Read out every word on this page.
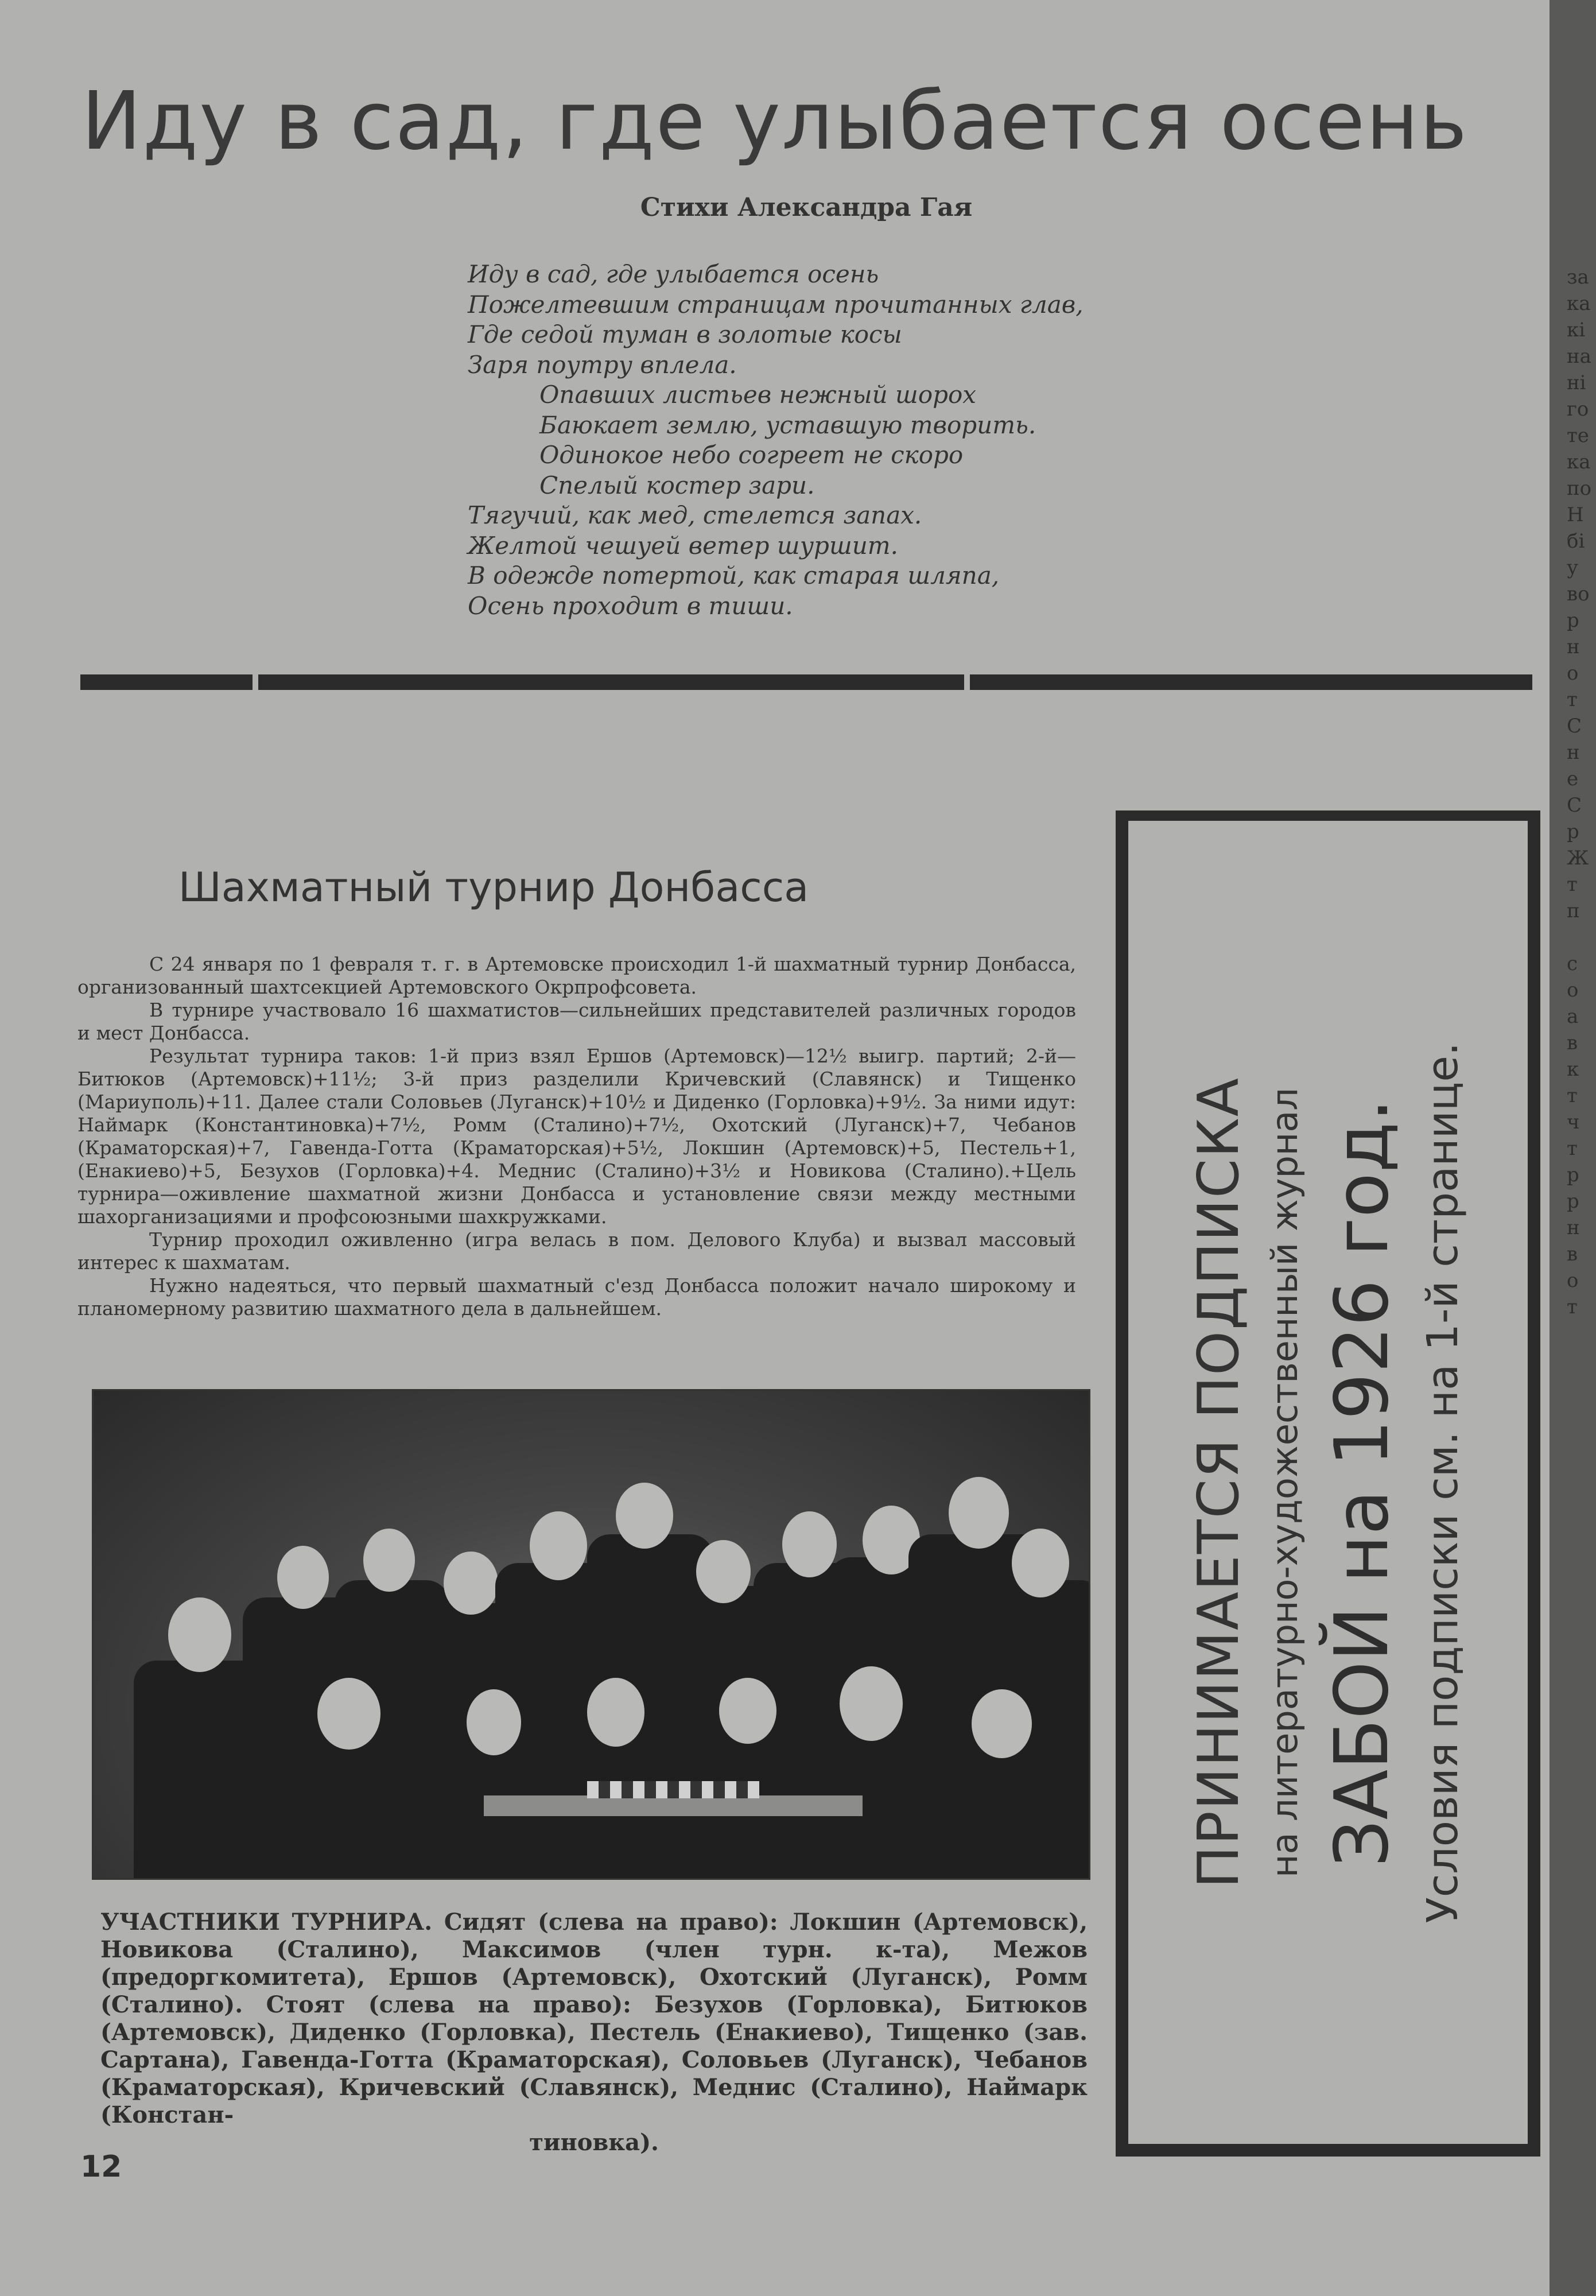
Иду в сад, где улыбается осень
Стихи Александра Гая
Иду в сад, где улыбается осень
Пожелтевшим страницам прочитанных глав,
Где седой туман в золотые косы
Заря поутру вплела.
Опавших листьев нежный шорох
Баюкает землю, уставшую творить.
Одинокое небо согреет не скоро
Спелый костер зари.
Тягучий, как мед, стелется запах.
Желтой чешуей ветер шуршит.
В одежде потертой, как старая шляпа,
Осень проходит в тиши.
Шахматный турнир Донбасса

С 24 января по 1 февраля т. г. в Артемовске происходил 1-й шахматный турнир Донбасса, организованный шахтсекцией Артемовского Окрпрофсовета.

В турнире участвовало 16 шахматистов—сильнейших представителей различных городов и мест Донбасса.

Результат турнира таков: 1-й приз взял Ершов (Артемовск)—12½ выигр. партий; 2-й—Битюков (Артемовск)+11½; 3-й приз разделили Кричевский (Славянск) и Тищенко (Мариуполь)+11. Далее стали Соловьев (Луганск)+10½ и Диденко (Горловка)+9½. За ними идут: Наймарк (Константиновка)+7½, Ромм (Сталино)+7½, Охотский (Луганск)+7, Чебанов (Краматорская)+7, Гавенда-Готта (Краматорская)+5½, Локшин (Артемовск)+5, Пестель+1, (Енакиево)+5, Безухов (Горловка)+4. Меднис (Сталино)+3½ и Новикова (Сталино).+Цель турнира—оживление шахматной жизни Донбасса и установление связи между местными шахорганизациями и профсоюзными шахкружками.

Турнир проходил оживленно (игра велась в пом. Делового Клуба) и вызвал массовый интерес к шахматам.

Нужно надеяться, что первый шахматный с'езд Донбасса положит начало широкому и планомерному развитию шахматного дела в дальнейшем.

УЧАСТНИКИ ТУРНИРА. Сидят (слева на право): Локшин (Артемовск), Новикова (Сталино), Максимов (член турн. к-та), Межов (предоргкомитета), Ершов (Артемовск), Охотский (Луганск), Ромм (Сталино). Стоят (слева на право): Безухов (Горловка), Битюков (Артемовск), Диденко (Горловка), Пестель (Енакиево), Тищенко (зав. Сартана), Гавенда-Готта (Краматорская), Соловьев (Луганск), Чебанов (Краматорская), Кричевский (Славянск), Меднис (Сталино), Наймарк (Констан-
тиновка).
ПРИНИМАЕТСЯ ПОДПИСКА на литературно-художественный журнал ЗАБОЙ на 1926 год. Условия подписки см. на 1-й странице.
12
за
ка
кі
на
ні
го
те
ка
по
Н
бі
у
во
р
н
о
т
С
н
е
С
р
Ж
т
п

с
о
а
в
к
т
ч
т
р
р
н
в
о
т
